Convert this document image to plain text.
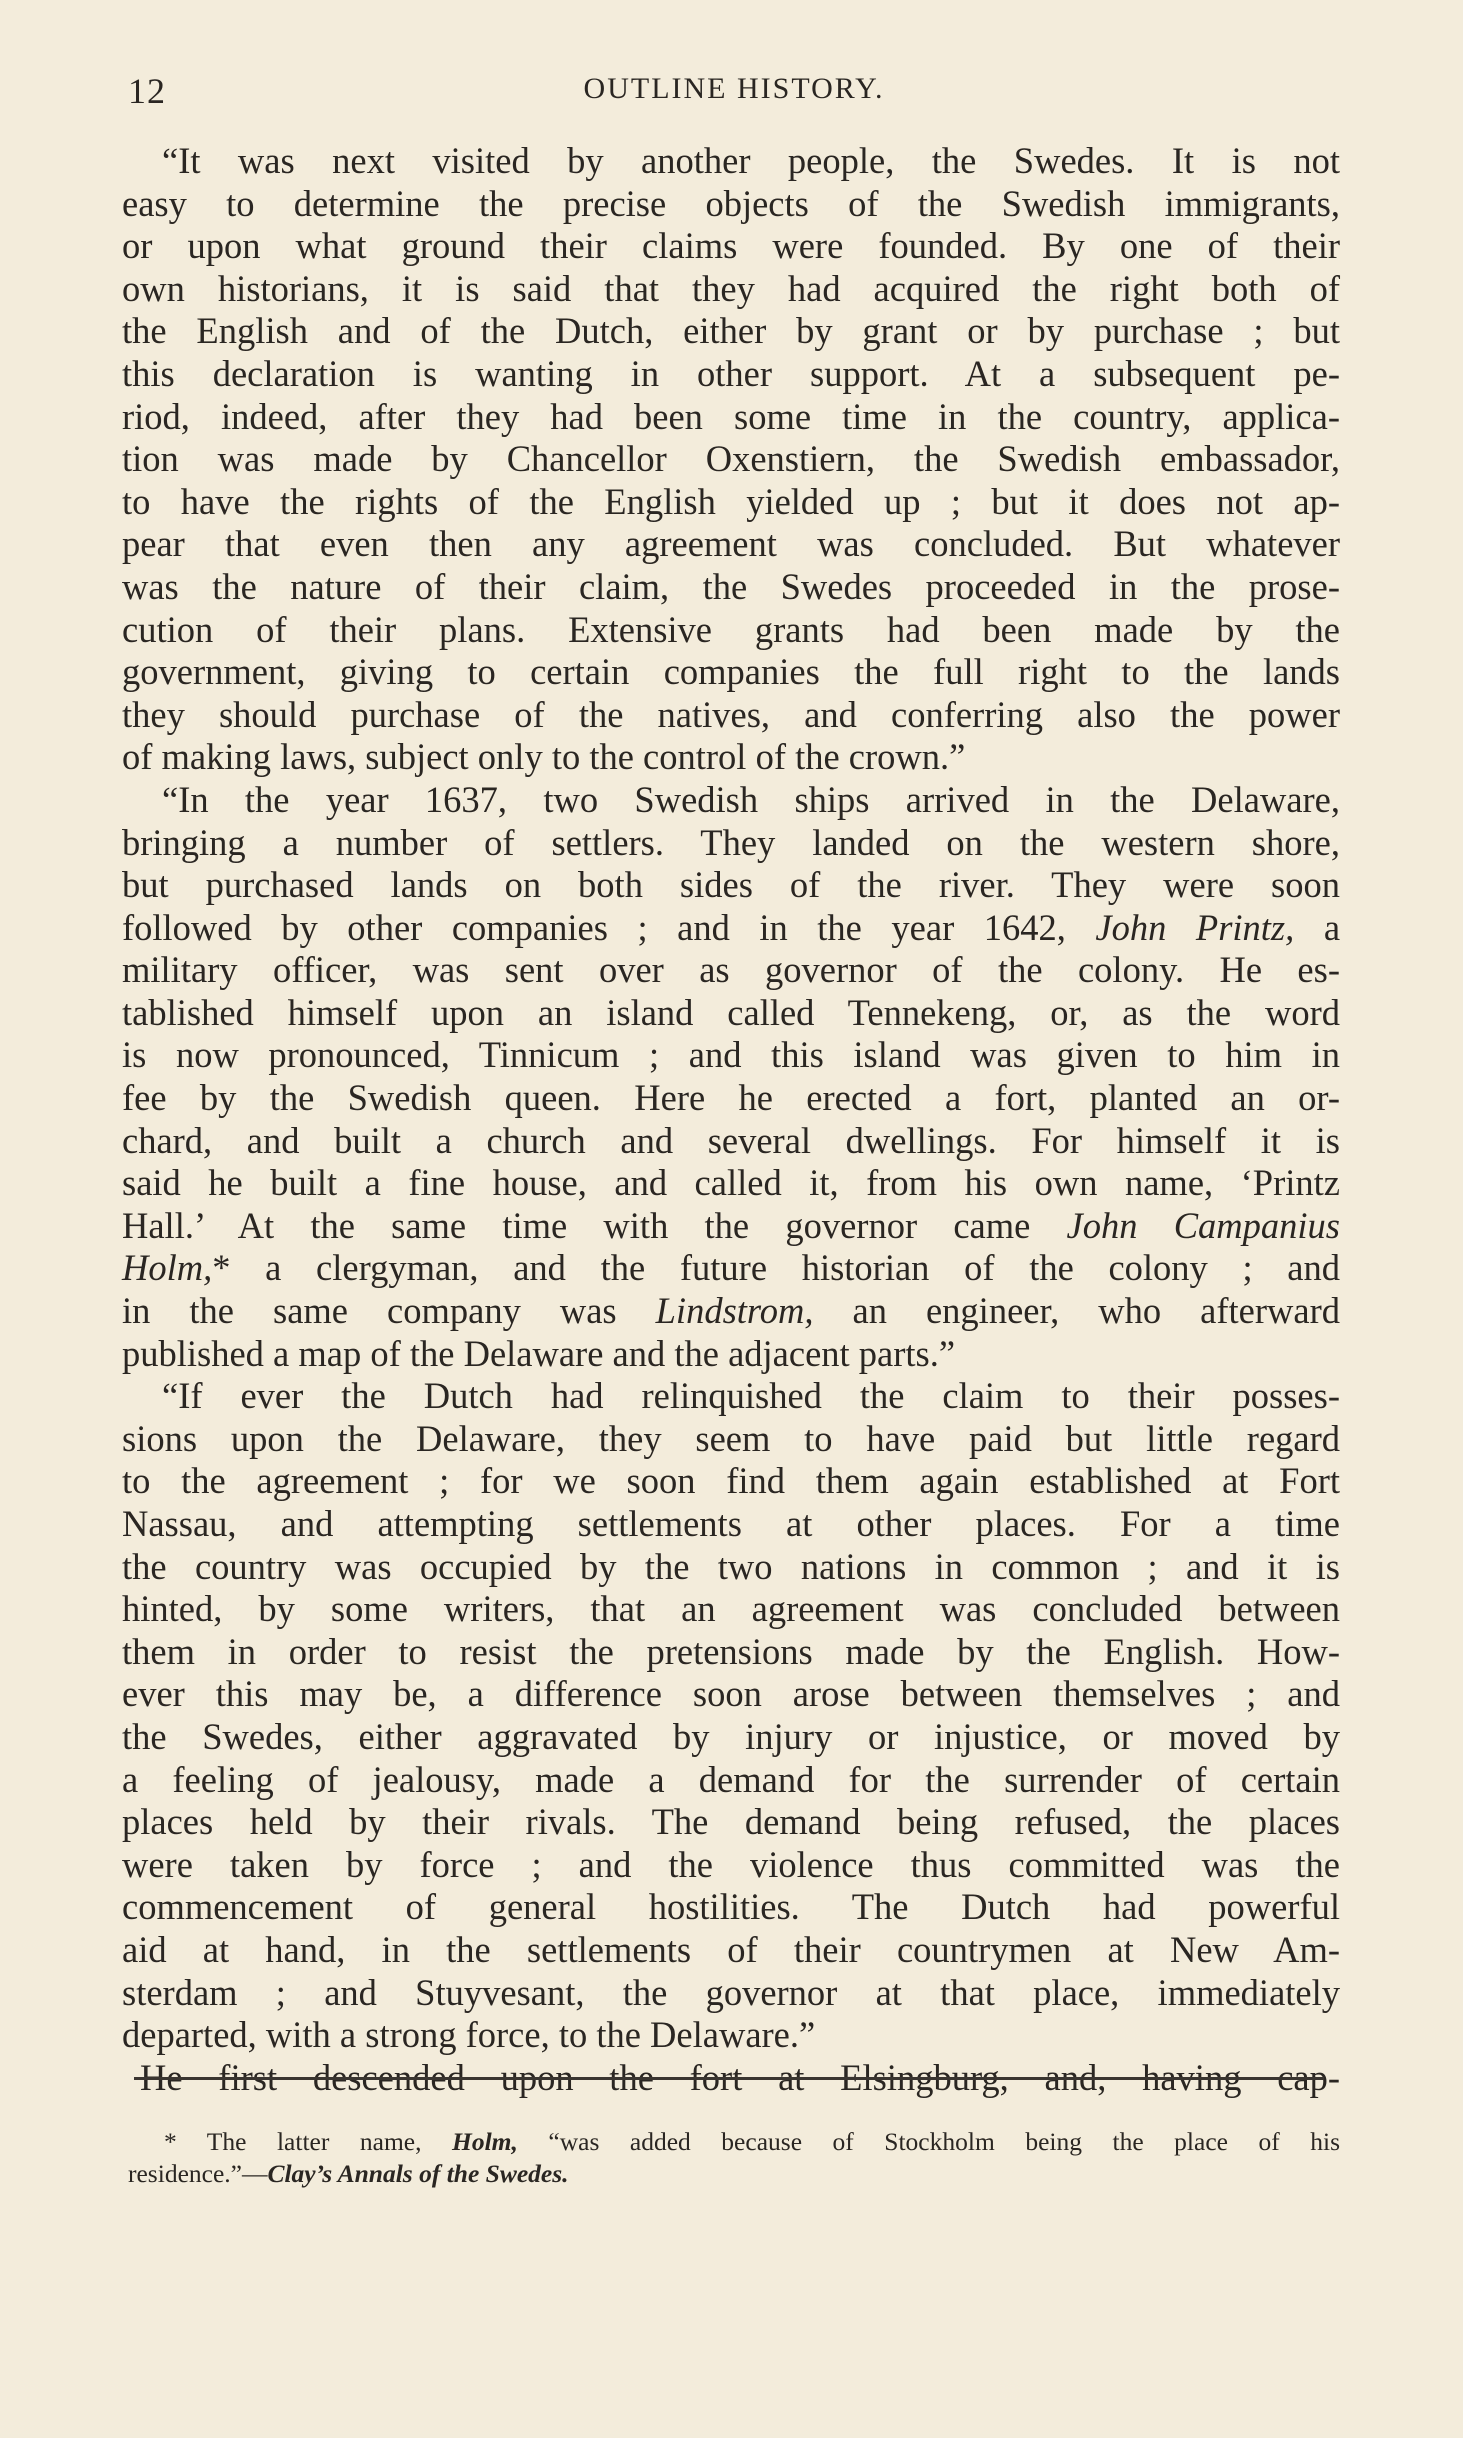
12	OUTLINE HISTORY.
“It was next visited by another people, the Swedes. It is not
easy to determine the precise objects of the Swedish immigrants,
or upon what ground their claims were founded. By one of their
own historians, it is said that they had acquired the right both of
the English and of the Dutch, either by grant or by purchase ; but
this declaration is wanting in other support. At a subsequent pe-
riod, indeed, after they had been some time in the country, applica-
tion was made by Chancellor Oxenstiern, the Swedish embassador,
to have the rights of the English yielded up ; but it does not ap-
pear that even then any agreement was concluded. But whatever
was the nature of their claim, the Swedes proceeded in the prose-
cution of their plans. Extensive grants had been made by the
government, giving to certain companies the full right to the lands
they should purchase of the natives, and conferring also the power
of making laws, subject only to the control of the crown.”
“In the year 1637, two Swedish ships arrived in the Delaware,
bringing a number of settlers. They landed on the western shore,
but purchased lands on both sides of the river. They were soon
followed by other companies ; and in the year 1642, John Printz, a
military officer, was sent over as governor of the colony. He es-
tablished himself upon an island called Tennekeng, or, as the word
is now pronounced, Tinnicum ; and this island was given to him in
fee by the Swedish queen. Here he erected a fort, planted an or-
chard, and built a church and several dwellings. For himself it is
said he built a fine house, and called it, from his own name, ‘Printz
Hall.’ At the same time with the governor came John Campanius
Holm,* a clergyman, and the future historian of the colony ; and
in the same company was Lindstrom, an engineer, who afterward
published a map of the Delaware and the adjacent parts.”
“If ever the Dutch had relinquished the claim to their posses-
sions upon the Delaware, they seem to have paid but little regard
to the agreement ; for we soon find them again established at Fort
Nassau, and attempting settlements at other places. For a time
the country was occupied by the two nations in common ; and it is
hinted, by some writers, that an agreement was concluded between
them in order to resist the pretensions made by the English. How-
ever this may be, a difference soon arose between themselves ; and
the Swedes, either aggravated by injury or injustice, or moved by
a feeling of jealousy, made a demand for the surrender of certain
places held by their rivals. The demand being refused, the places
were taken by force ; and the violence thus committed was the
commencement of general hostilities. The Dutch had powerful
aid at hand, in the settlements of their countrymen at New Am-
sterdam ; and Stuyvesant, the governor at that place, immediately
departed, with a strong force, to the Delaware.”
He first descended upon the fort at Elsingburg, and, having cap-
* The latter name, Holm, “was added because of Stockholm being the place of his
residence.”—Clay’s Annals of the Swedes.
